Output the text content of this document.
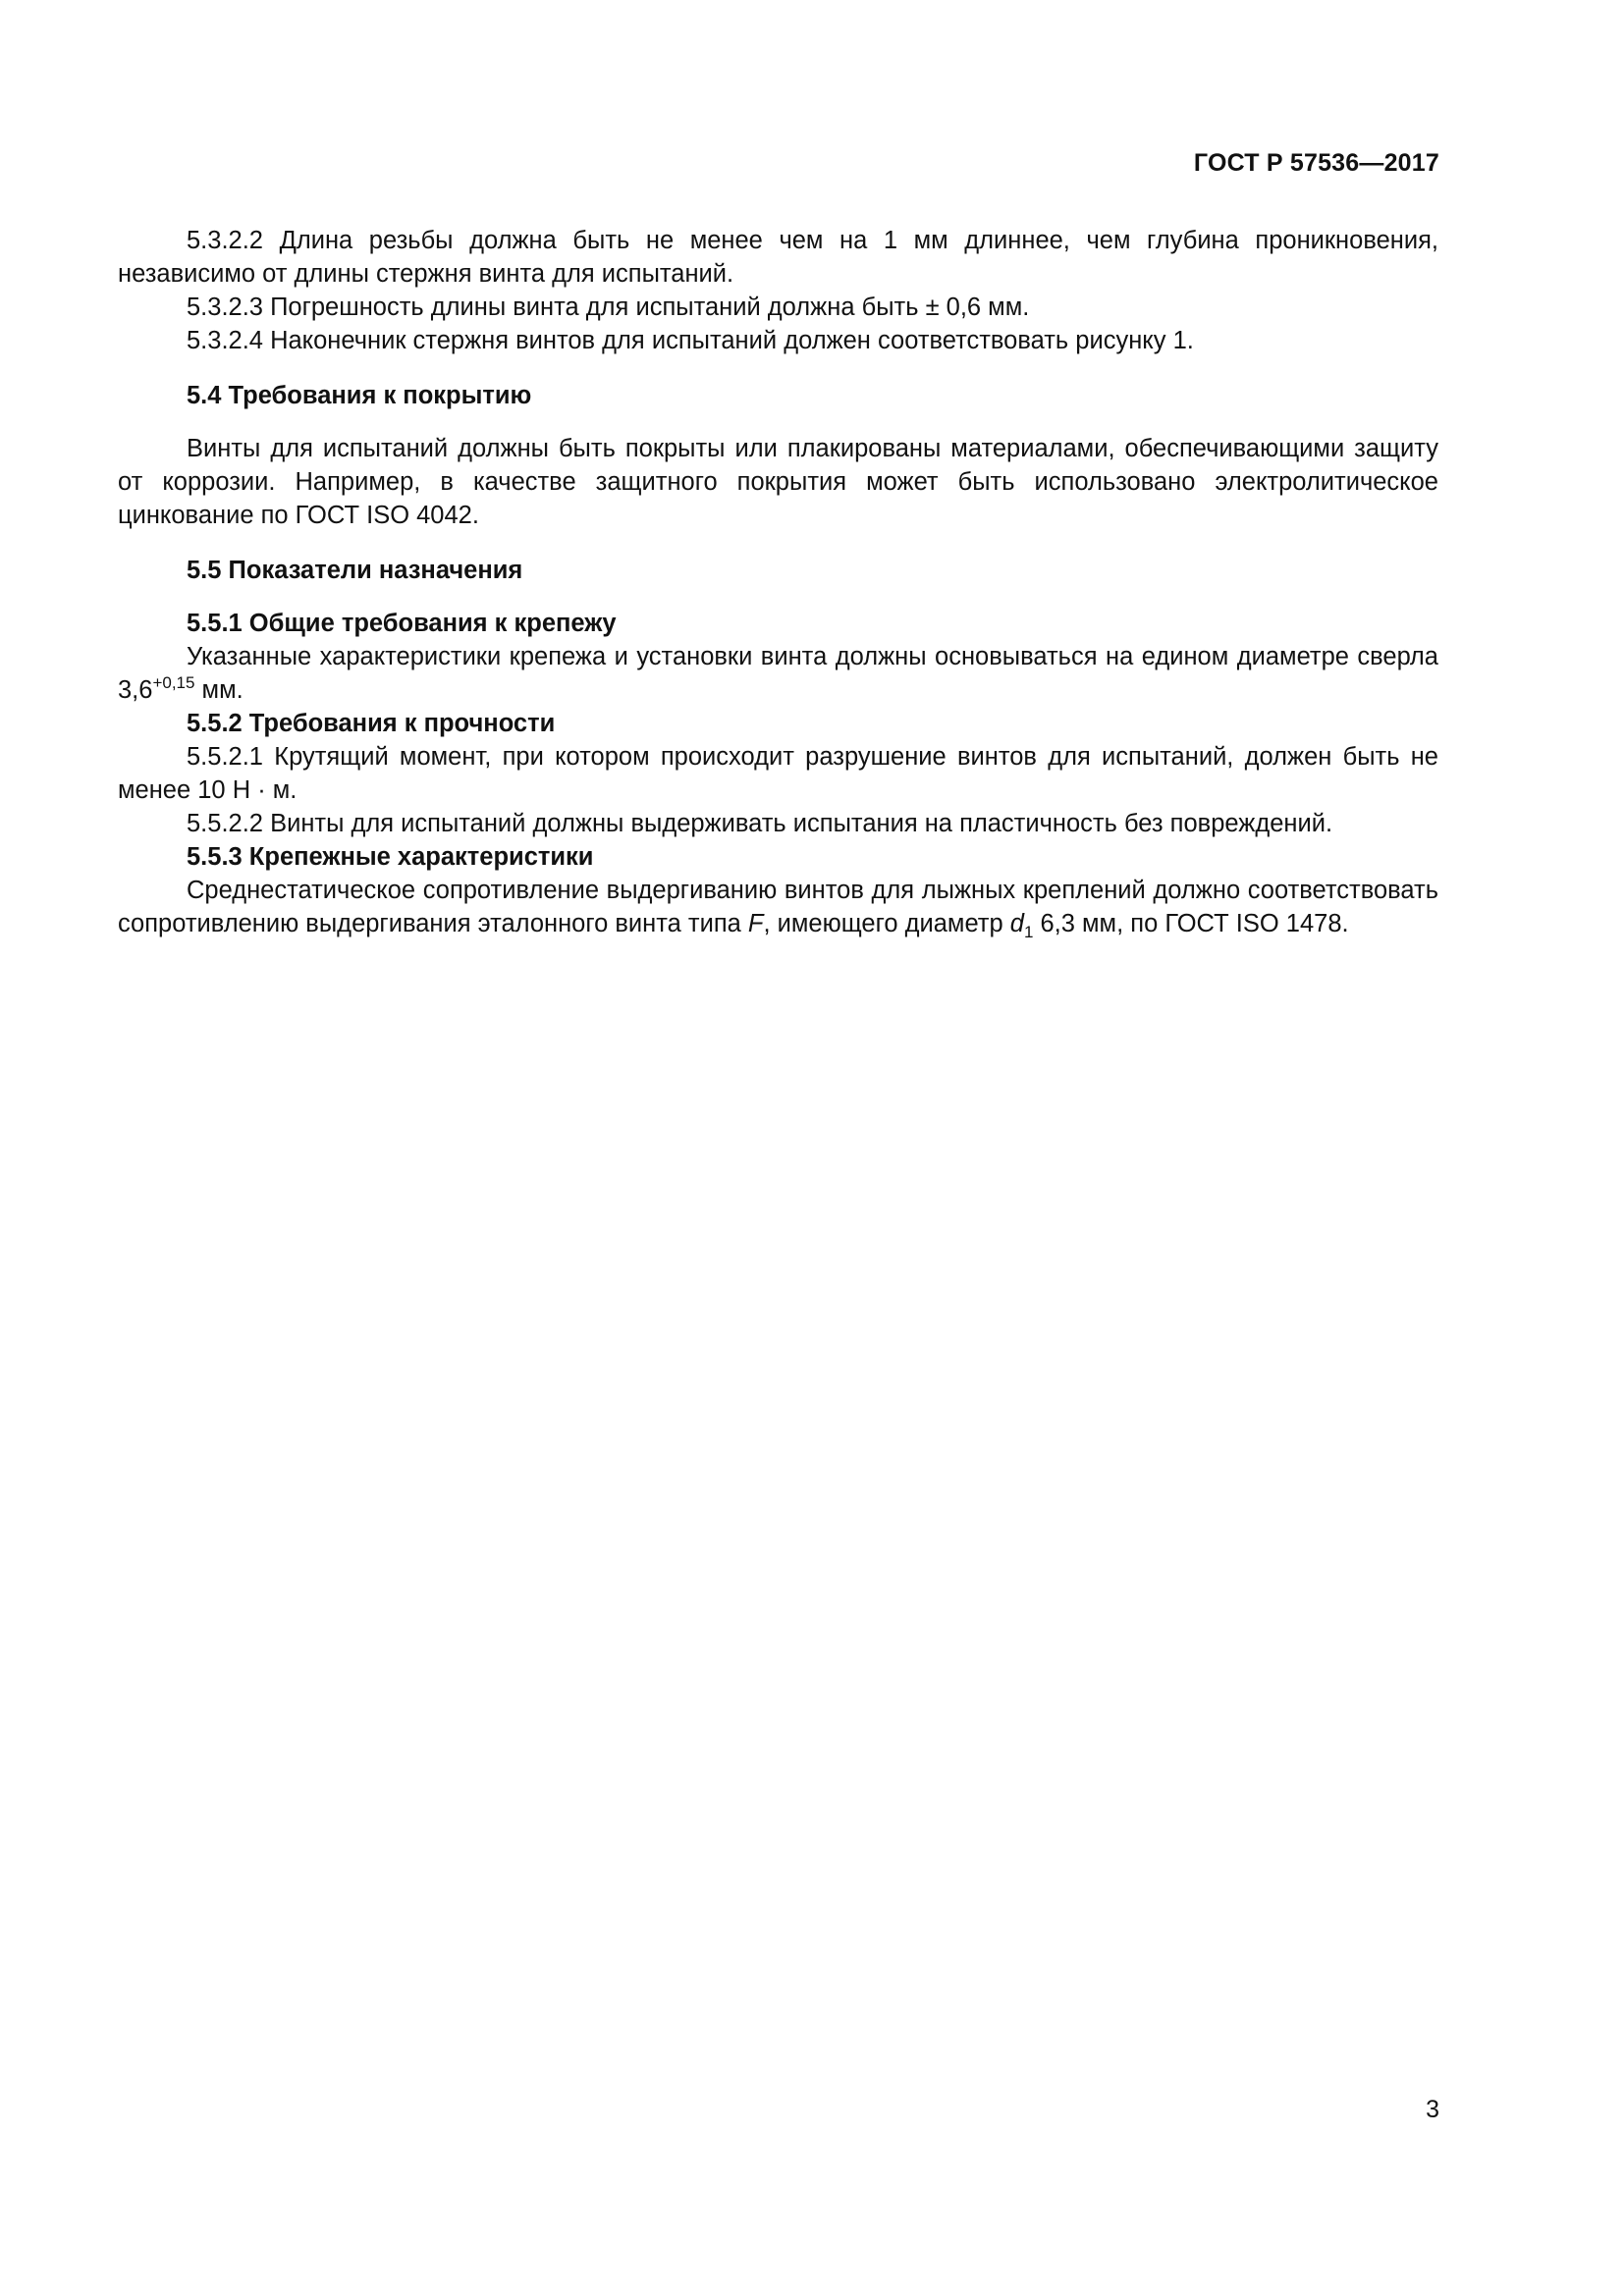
ГОСТ Р 57536—2017

5.3.2.2 Длина резьбы должна быть не менее чем на 1 мм длиннее, чем глубина проникновения, независимо от длины стержня винта для испытаний.

5.3.2.3 Погрешность длины винта для испытаний должна быть ± 0,6 мм.

5.3.2.4 Наконечник стержня винтов для испытаний должен соответствовать рисунку 1.

5.4 Требования к покрытию

Винты для испытаний должны быть покрыты или плакированы материалами, обеспечивающими защиту от коррозии. Например, в качестве защитного покрытия может быть использовано электролитическое цинкование по ГОСТ ISO 4042.

5.5 Показатели назначения
5.5.1 Общие требования к крепежу

Указанные характеристики крепежа и установки винта должны основываться на едином диаметре сверла $3,6^{+0,15}$ мм.

5.5.2 Требования к прочности

5.5.2.1 Крутящий момент, при котором происходит разрушение винтов для испытаний, должен быть не менее 10 Н · м.

5.5.2.2 Винты для испытаний должны выдерживать испытания на пластичность без повреждений.

5.5.3 Крепежные характеристики

Среднестатическое сопротивление выдергиванию винтов для лыжных креплений должно соответствовать сопротивлению выдергивания эталонного винта типа F, имеющего диаметр $d_1$ 6,3 мм, по ГОСТ ISO 1478.

3
